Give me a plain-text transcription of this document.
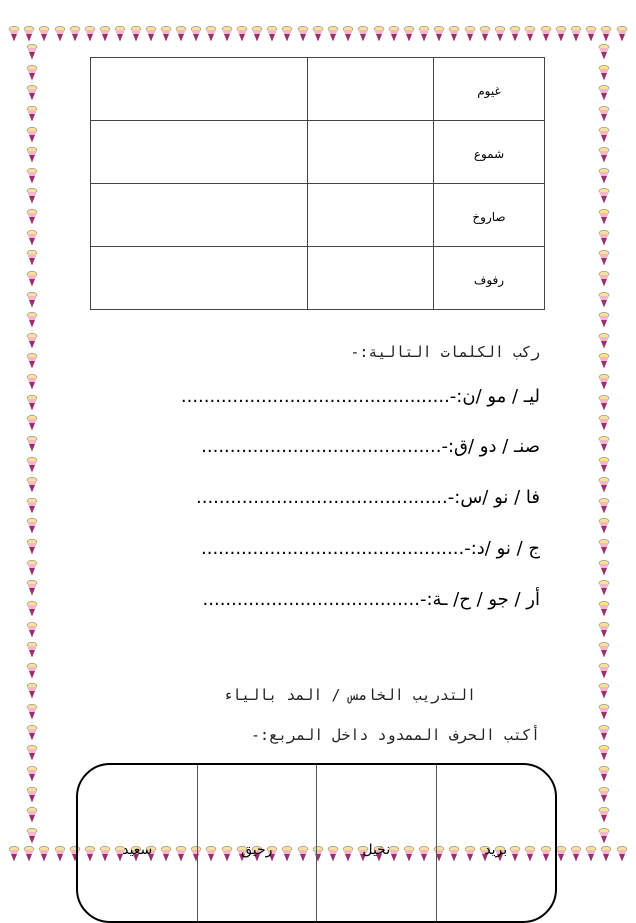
غيوم		
شموع		
صاروخ		
رفوف		
ركب الكلمات التالية:-
ليـ / مو /ن:-...............................................
صنـ / دو /ق:-..........................................
فا / نو /س:-............................................
ج / نو /د:-..............................................
أر / جو / ح/ ـة:-......................................
التدريب الخامس / المد بالياء
أكتب الحرف الممدود داخل المربع:-
بريد
نخيل
رحيق
سعيد
